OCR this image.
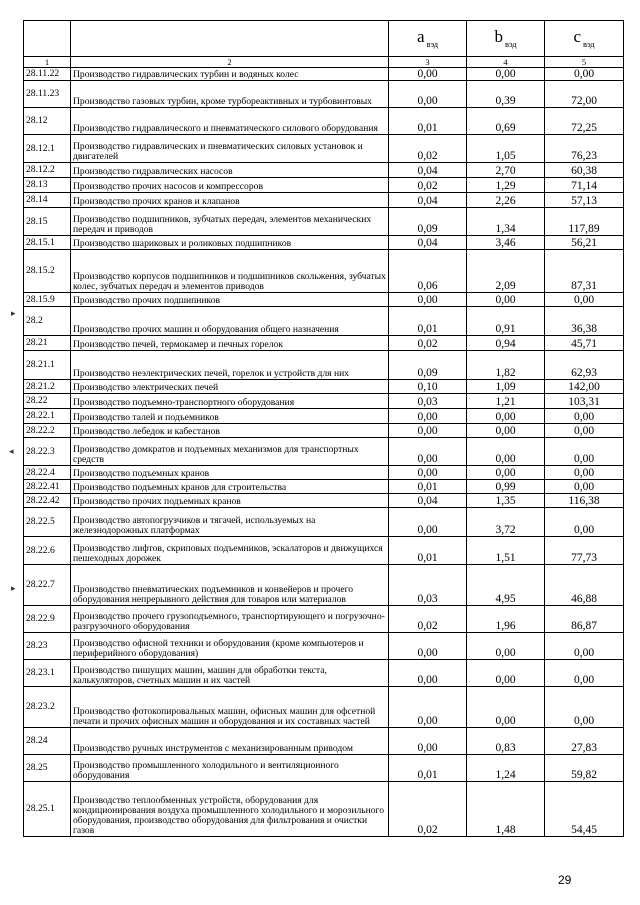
		a $_{вэд}$	b $_{вэд}$	c $_{вэд}$
1	2	3	4	5
28.11.22	Производство гидравлических турбин и водяных колес	0,00	0,00	0,00
28.11.23	Производство газовых турбин, кроме турбореактивных и турбовинтовых	0,00	0,39	72,00
28.12	Производство гидравлического и пневматического силового оборудования	0,01	0,69	72,25
28.12.1	Производство гидравлических и пневматических силовых установок и двигателей	0,02	1,05	76,23
28.12.2	Производство гидравлических насосов	0,04	2,70	60,38
28.13	Производство прочих насосов и компрессоров	0,02	1,29	71,14
28.14	Производство прочих кранов и клапанов	0,04	2,26	57,13
28.15	Производство подшипников, зубчатых передач, элементов механических передач и приводов	0,09	1,34	117,89
28.15.1	Производство шариковых и роликовых подшипников	0,04	3,46	56,21
28.15.2	Производство корпусов подшипников и подшипников скольжения, зубчатых колес, зубчатых передач и элементов приводов	0,06	2,09	87,31
28.15.9	Производство прочих подшипников	0,00	0,00	0,00
28.2	Производство прочих машин и оборудования общего назначения	0,01	0,91	36,38
28.21	Производство печей, термокамер и печных горелок	0,02	0,94	45,71
28.21.1	Производство неэлектрических печей, горелок и устройств для них	0,09	1,82	62,93
28.21.2	Производство электрических печей	0,10	1,09	142,00
28.22	Производство подъемно-транспортного оборудования	0,03	1,21	103,31
28.22.1	Производство талей и подъемников	0,00	0,00	0,00
28.22.2	Производство лебедок и кабестанов	0,00	0,00	0,00
28.22.3	Производство домкратов и подъемных механизмов для транспортных средств	0,00	0,00	0,00
28.22.4	Производство подъемных кранов	0,00	0,00	0,00
28.22.41	Производство подъемных кранов для строительства	0,01	0,99	0,00
28.22.42	Производство прочих подъемных кранов	0,04	1,35	116,38
28.22.5	Производство автопогрузчиков и тягачей, используемых на железнодорожных платформах	0,00	3,72	0,00
28.22.6	Производство лифтов, скриповых подъемников, эскалаторов и движущихся пешеходных дорожек	0,01	1,51	77,73
28.22.7	Производство пневматических подъемников и конвейеров и прочего оборудования непрерывного действия для товаров или материалов	0,03	4,95	46,88
28.22.9	Производство прочего грузоподъемного, транспортирующего и погрузочно-разгрузочного оборудования	0,02	1,96	86,87
28.23	Производство офисной техники и оборудования (кроме компьютеров и периферийного оборудования)	0,00	0,00	0,00
28.23.1	Производство пишущих машин, машин для обработки текста, калькуляторов, счетных машин и их частей	0,00	0,00	0,00
28.23.2	Производство фотокопировальных машин, офисных машин для офсетной печати и прочих офисных машин и оборудования и их составных частей	0,00	0,00	0,00
28.24	Производство ручных инструментов с механизированным приводом	0,00	0,83	27,83
28.25	Производство промышленного холодильного и вентиляционного оборудования	0,01	1,24	59,82
28.25.1	Производство теплообменных устройств, оборудования для кондиционирования воздуха промышленного холодильного и морозильного оборудования, производство оборудования для фильтрования и очистки газов	0,02	1,48	54,45
▸
◂
▸
29
